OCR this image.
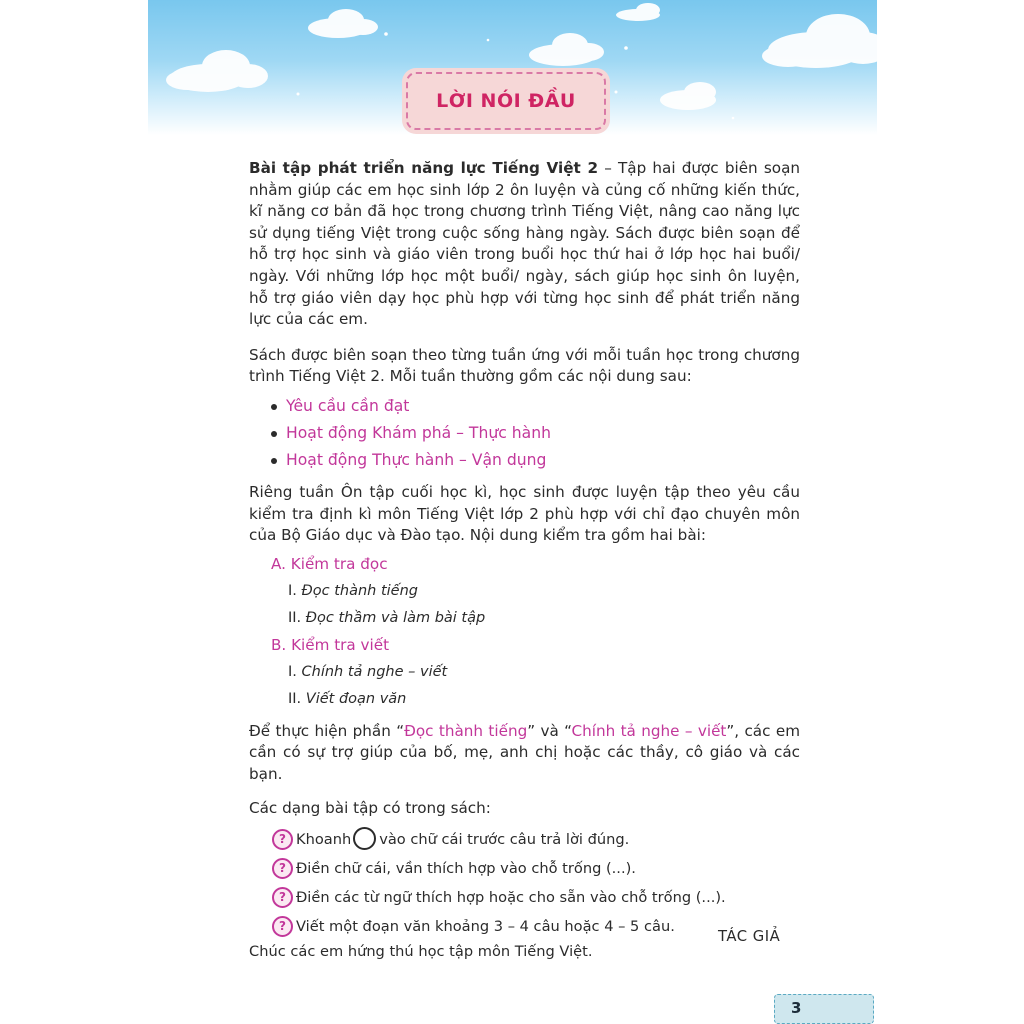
LỜI NÓI ĐẦU

Bài tập phát triển năng lực Tiếng Việt 2 – Tập hai được biên soạn nhằm giúp các em học sinh lớp 2 ôn luyện và củng cố những kiến thức, kĩ năng cơ bản đã học trong chương trình Tiếng Việt, nâng cao năng lực sử dụng tiếng Việt trong cuộc sống hàng ngày. Sách được biên soạn để hỗ trợ học sinh và giáo viên trong buổi học thứ hai ở lớp học hai buổi/ ngày. Với những lớp học một buổi/ ngày, sách giúp học sinh ôn luyện, hỗ trợ giáo viên dạy học phù hợp với từng học sinh để phát triển năng lực của các em.

Sách được biên soạn theo từng tuần ứng với mỗi tuần học trong chương trình Tiếng Việt 2. Mỗi tuần thường gồm các nội dung sau:

Yêu cầu cần đạt
Hoạt động Khám phá – Thực hành
Hoạt động Thực hành – Vận dụng

Riêng tuần Ôn tập cuối học kì, học sinh được luyện tập theo yêu cầu kiểm tra định kì môn Tiếng Việt lớp 2 phù hợp với chỉ đạo chuyên môn của Bộ Giáo dục và Đào tạo. Nội dung kiểm tra gồm hai bài:

A. Kiểm tra đọc
I. Đọc thành tiếng
II. Đọc thầm và làm bài tập
B. Kiểm tra viết
I. Chính tả nghe – viết
II. Viết đoạn văn

Để thực hiện phần “Đọc thành tiếng” và “Chính tả nghe – viết”, các em cần có sự trợ giúp của bố, mẹ, anh chị hoặc các thầy, cô giáo và các bạn.

Các dạng bài tập có trong sách:

? Khoanh vào chữ cái trước câu trả lời đúng.
? Điền chữ cái, vần thích hợp vào chỗ trống (...).
? Điền các từ ngữ thích hợp hoặc cho sẵn vào chỗ trống (...).
? Viết một đoạn văn khoảng 3 – 4 câu hoặc 4 – 5 câu.

Chúc các em hứng thú học tập môn Tiếng Việt.

TÁC GIẢ
3
